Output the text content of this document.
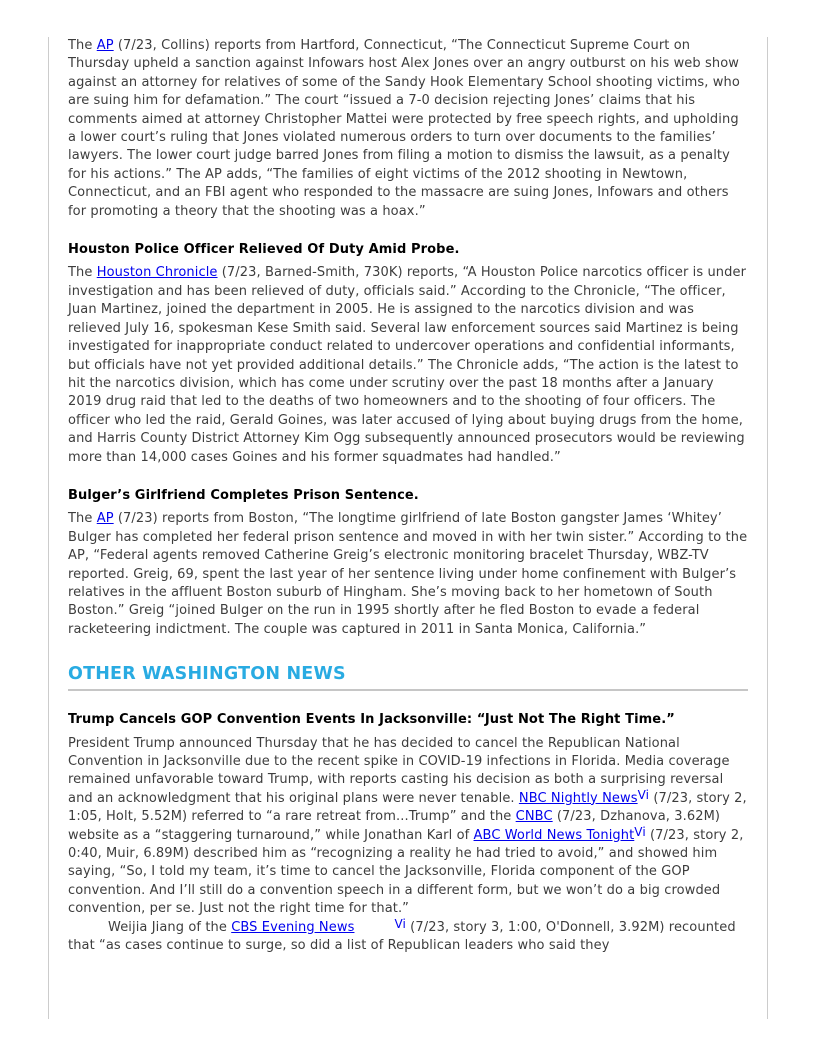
The AP (7/23, Collins) reports from Hartford, Connecticut, “The Connecticut Supreme Court on Thursday upheld a sanction against Infowars host Alex Jones over an angry outburst on his web show against an attorney for relatives of some of the Sandy Hook Elementary School shooting victims, who are suing him for defamation.” The court “issued a 7-0 decision rejecting Jones’ claims that his comments aimed at attorney Christopher Mattei were protected by free speech rights, and upholding a lower court’s ruling that Jones violated numerous orders to turn over documents to the families’ lawyers. The lower court judge barred Jones from filing a motion to dismiss the lawsuit, as a penalty for his actions.” The AP adds, “The families of eight victims of the 2012 shooting in Newtown, Connecticut, and an FBI agent who responded to the massacre are suing Jones, Infowars and others for promoting a theory that the shooting was a hoax.”

Houston Police Officer Relieved Of Duty Amid Probe.

The Houston Chronicle (7/23, Barned-Smith, 730K) reports, “A Houston Police narcotics officer is under investigation and has been relieved of duty, officials said.” According to the Chronicle, “The officer, Juan Martinez, joined the department in 2005. He is assigned to the narcotics division and was relieved July 16, spokesman Kese Smith said. Several law enforcement sources said Martinez is being investigated for inappropriate conduct related to undercover operations and confidential informants, but officials have not yet provided additional details.” The Chronicle adds, “The action is the latest to hit the narcotics division, which has come under scrutiny over the past 18 months after a January 2019 drug raid that led to the deaths of two homeowners and to the shooting of four officers. The officer who led the raid, Gerald Goines, was later accused of lying about buying drugs from the home, and Harris County District Attorney Kim Ogg subsequently announced prosecutors would be reviewing more than 14,000 cases Goines and his former squadmates had handled.”

Bulger’s Girlfriend Completes Prison Sentence.

The AP (7/23) reports from Boston, “The longtime girlfriend of late Boston gangster James ‘Whitey’ Bulger has completed her federal prison sentence and moved in with her twin sister.” According to the AP, “Federal agents removed Catherine Greig’s electronic monitoring bracelet Thursday, WBZ-TV reported. Greig, 69, spent the last year of her sentence living under home confinement with Bulger’s relatives in the affluent Boston suburb of Hingham. She’s moving back to her hometown of South Boston.” Greig “joined Bulger on the run in 1995 shortly after he fled Boston to evade a federal racketeering indictment. The couple was captured in 2011 in Santa Monica, California.”

OTHER WASHINGTON NEWS
Trump Cancels GOP Convention Events In Jacksonville: “Just Not The Right Time.”

President Trump announced Thursday that he has decided to cancel the Republican National Convention in Jacksonville due to the recent spike in COVID-19 infections in Florida. Media coverage remained unfavorable toward Trump, with reports casting his decision as both a surprising reversal and an acknowledgment that his original plans were never tenable. NBC Nightly News$^{Vi}$ (7/23, story 2, 1:05, Holt, 5.52M) referred to “a rare retreat from...Trump” and the CNBC (7/23, Dzhanova, 3.62M) website as a “staggering turnaround,” while Jonathan Karl of ABC World News Tonight$^{Vi}$ (7/23, story 2, 0:40, Muir, 6.89M) described him as “recognizing a reality he had tried to avoid,” and showed him saying, “So, I told my team, it’s time to cancel the Jacksonville, Florida component of the GOP convention. And I’ll still do a convention speech in a different form, but we won’t do a big crowded convention, per se. Just not the right time for that.”

Weijia Jiang of the CBS Evening News	$^{Vi}$ (7/23, story 3, 1:00, O'Donnell, 3.92M) recounted that “as cases continue to surge, so did a list of Republican leaders who said they
